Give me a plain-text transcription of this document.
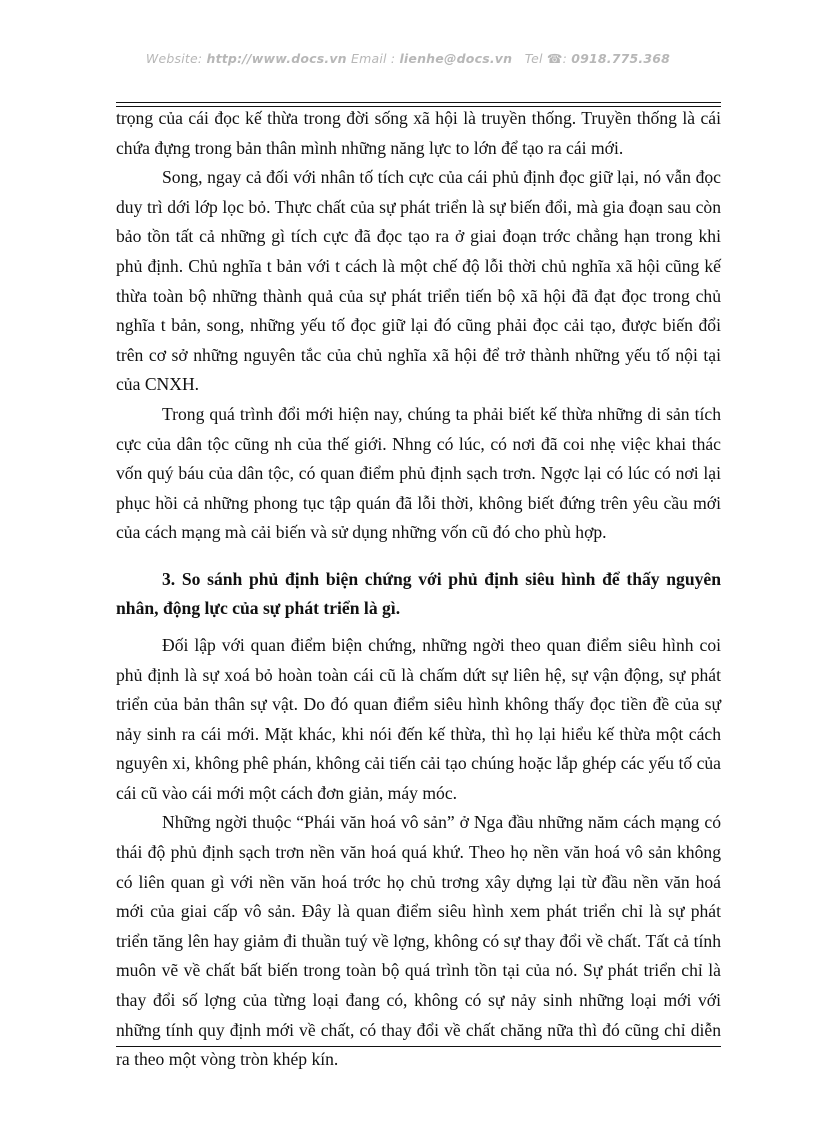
Website: http://www.docs.vn Email : lienhe@docs.vn Tel ☎: 0918.775.368

trọng của cái đọc kế thừa trong đời sống xã hội là truyền thống. Truyền thống là cái chứa đựng trong bản thân mình những năng lực to lớn để tạo ra cái mới.

Song, ngay cả đối với nhân tố tích cực của cái phủ định đọc giữ lại, nó vẫn đọc duy trì dới lớp lọc bỏ. Thực chất của sự phát triển là sự biến đổi, mà gia đoạn sau còn bảo tồn tất cả những gì tích cực đã đọc tạo ra ở giai đoạn trớc chẳng hạn trong khi phủ định. Chủ nghĩa t bản với t cách là một chế độ lỗi thời chủ nghĩa xã hội cũng kế thừa toàn bộ những thành quả của sự phát triển tiến bộ xã hội đã đạt đọc trong chủ nghĩa t bản, song, những yếu tố đọc giữ lại đó cũng phải đọc cải tạo, được biến đổi trên cơ sở những nguyên tắc của chủ nghĩa xã hội để trở thành những yếu tố nội tại của CNXH.

Trong quá trình đổi mới hiện nay, chúng ta phải biết kế thừa những di sản tích cực của dân tộc cũng nh của thế giới. Nhng có lúc, có nơi đã coi nhẹ việc khai thác vốn quý báu của dân tộc, có quan điểm phủ định sạch trơn. Ngợc lại có lúc có nơi lại phục hồi cả những phong tục tập quán đã lỗi thời, không biết đứng trên yêu cầu mới của cách mạng mà cải biến và sử dụng những vốn cũ đó cho phù hợp.

3. So sánh phủ định biện chứng với phủ định siêu hình để thấy nguyên nhân, động lực của sự phát triển là gì.

Đối lập với quan điểm biện chứng, những ngời theo quan điểm siêu hình coi phủ định là sự xoá bỏ hoàn toàn cái cũ là chấm dứt sự liên hệ, sự vận động, sự phát triển của bản thân sự vật. Do đó quan điểm siêu hình không thấy đọc tiền đề của sự nảy sinh ra cái mới. Mặt khác, khi nói đến kế thừa, thì họ lại hiểu kế thừa một cách nguyên xi, không phê phán, không cải tiến cải tạo chúng hoặc lắp ghép các yếu tố của cái cũ vào cái mới một cách đơn giản, máy móc.

Những ngời thuộc “Phái văn hoá vô sản” ở Nga đầu những năm cách mạng có thái độ phủ định sạch trơn nền văn hoá quá khứ. Theo họ nền văn hoá vô sản không có liên quan gì với nền văn hoá trớc họ chủ trơng xây dựng lại từ đầu nền văn hoá mới của giai cấp vô sản. Đây là quan điểm siêu hình xem phát triển chỉ là sự phát triển tăng lên hay giảm đi thuần tuý về lợng, không có sự thay đổi về chất. Tất cả tính muôn vẽ về chất bất biến trong toàn bộ quá trình tồn tại của nó. Sự phát triển chỉ là thay đổi số lợng của từng loại đang có, không có sự nảy sinh những loại mới với những tính quy định mới về chất, có thay đổi về chất chăng nữa thì đó cũng chỉ diễn ra theo một vòng tròn khép kín.
